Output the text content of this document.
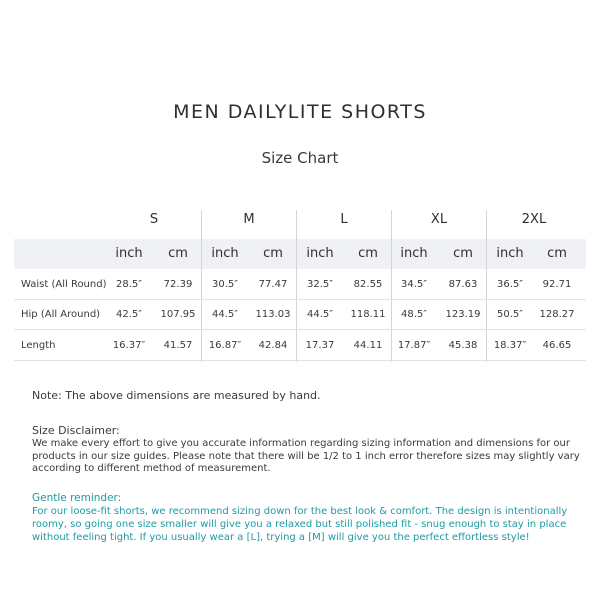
MEN DAILYLITE SHORTS
Size Chart
S	M	L	XL	2XL
inch	cm	inch	cm	inch	cm	inch	cm	inch	cm
Waist (All Round) 28.5″	72.39	30.5″	77.47	32.5″	82.55	34.5″	87.63	36.5″	92.71
Hip (All Around)	42.5″	107.95	44.5″	113.03	44.5″	118.11	48.5″	123.19	50.5″	128.27
Length	16.37″	41.57	16.87″	42.84	17.37	44.11	17.87″	45.38	18.37″	46.65
Note: The above dimensions are measured by hand.
Size Disclaimer:

We make every effort to give you accurate information regarding sizing information and dimensions for our products in our size guides. Please note that there will be 1/2 to 1 inch error therefore sizes may slightly vary according to different method of measurement.

Gentle reminder:

For our loose-fit shorts, we recommend sizing down for the best look & comfort. The design is intentionally roomy, so going one size smaller will give you a relaxed but still polished fit - snug enough to stay in place without feeling tight. If you usually wear a [L], trying a [M] will give you the perfect effortless style!
